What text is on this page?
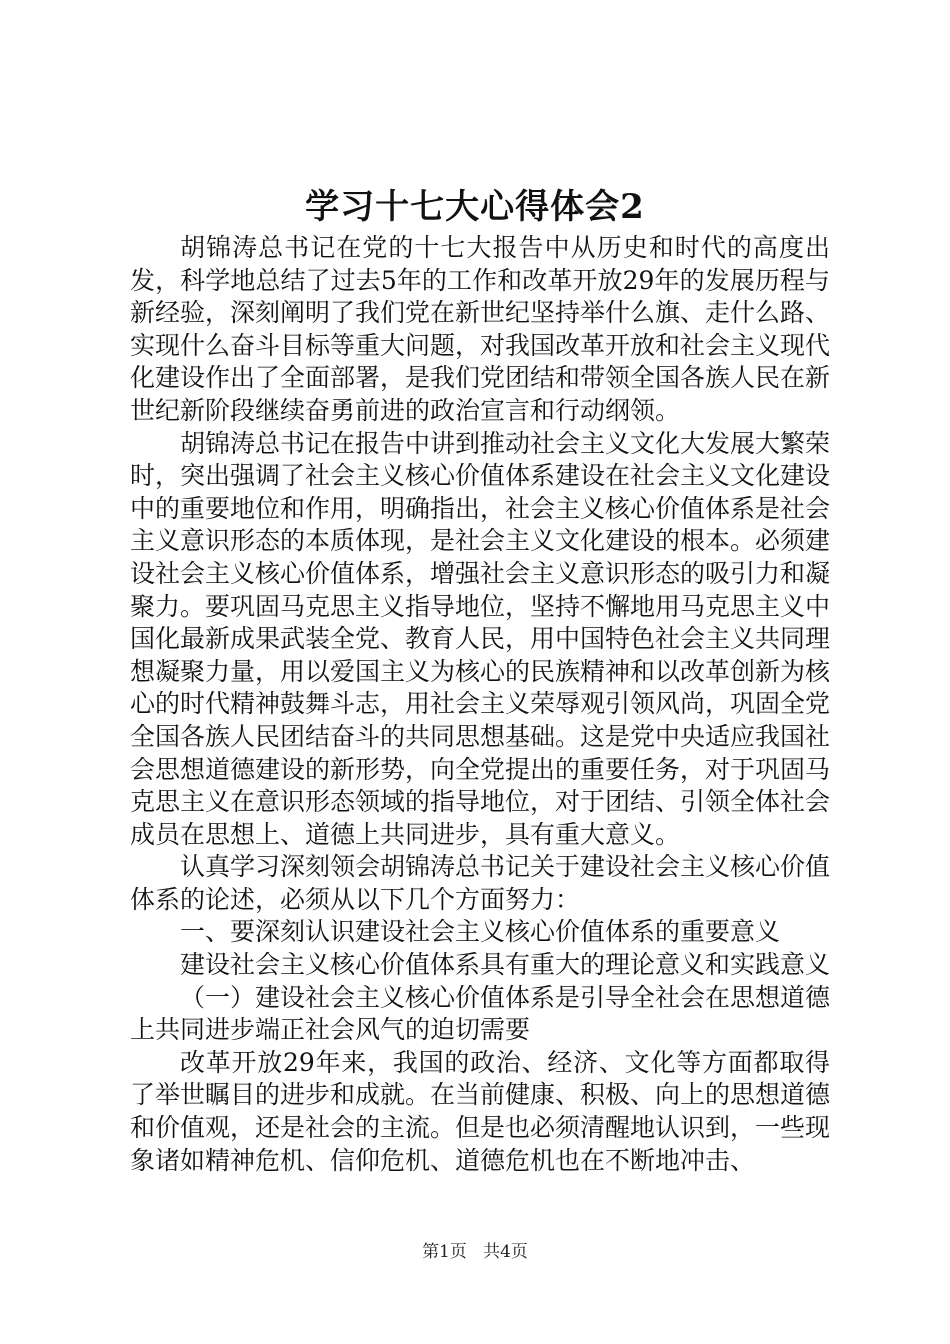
学习十七大心得体会2

胡锦涛总书记在党的十七大报告中从历史和时代的高度出发，科学地总结了过去5年的工作和改革开放29年的发展历程与新经验，深刻阐明了我们党在新世纪坚持举什么旗、走什么路、实现什么奋斗目标等重大问题，对我国改革开放和社会主义现代化建设作出了全面部署，是我们党团结和带领全国各族人民在新世纪新阶段继续奋勇前进的政治宣言和行动纲领。

胡锦涛总书记在报告中讲到推动社会主义文化大发展大繁荣时，突出强调了社会主义核心价值体系建设在社会主义文化建设中的重要地位和作用，明确指出，社会主义核心价值体系是社会主义意识形态的本质体现，是社会主义文化建设的根本。必须建设社会主义核心价值体系，增强社会主义意识形态的吸引力和凝聚力。要巩固马克思主义指导地位，坚持不懈地用马克思主义中国化最新成果武装全党、教育人民，用中国特色社会主义共同理想凝聚力量，用以爱国主义为核心的民族精神和以改革创新为核心的时代精神鼓舞斗志，用社会主义荣辱观引领风尚，巩固全党全国各族人民团结奋斗的共同思想基础。这是党中央适应我国社会思想道德建设的新形势，向全党提出的重要任务，对于巩固马克思主义在意识形态领域的指导地位，对于团结、引领全体社会成员在思想上、道德上共同进步，具有重大意义。

认真学习深刻领会胡锦涛总书记关于建设社会主义核心价值体系的论述，必须从以下几个方面努力：

一、要深刻认识建设社会主义核心价值体系的重要意义

建设社会主义核心价值体系具有重大的理论意义和实践意义

（一）建设社会主义核心价值体系是引导全社会在思想道德上共同进步端正社会风气的迫切需要

改革开放29年来，我国的政治、经济、文化等方面都取得了举世瞩目的进步和成就。在当前健康、积极、向上的思想道德和价值观，还是社会的主流。但是也必须清醒地认识到，一些现象诸如精神危机、信仰危机、道德危机也在不断地冲击、

第1页 共4页
